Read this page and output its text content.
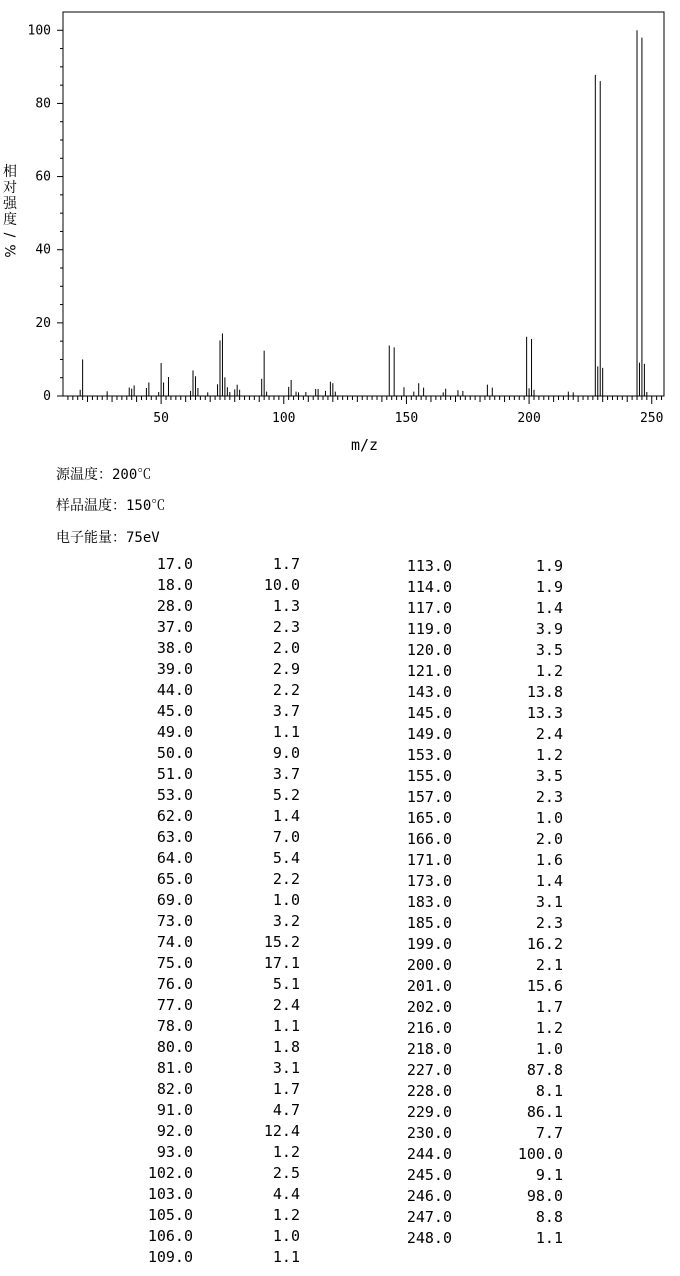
0
20
40
60
80
100
50	100	150	200	250
m/z
相
对
强
度
/
%
源温度：200℃
样品温度：150℃
电子能量：75eV
17.0	1.7
18.0	10.0
28.0	1.3
37.0	2.3
38.0	2.0
39.0	2.9
44.0	2.2
45.0	3.7
49.0	1.1
50.0	9.0
51.0	3.7
53.0	5.2
62.0	1.4
63.0	7.0
64.0	5.4
65.0	2.2
69.0	1.0
73.0	3.2
74.0	15.2
75.0	17.1
76.0	5.1
77.0	2.4
78.0	1.1
80.0	1.8
81.0	3.1
82.0	1.7
91.0	4.7
92.0	12.4
93.0	1.2
102.0	2.5
103.0	4.4
105.0	1.2
106.0	1.0
109.0	1.1
113.0	1.9
114.0	1.9
117.0	1.4
119.0	3.9
120.0	3.5
121.0	1.2
143.0	13.8
145.0	13.3
149.0	2.4
153.0	1.2
155.0	3.5
157.0	2.3
165.0	1.0
166.0	2.0
171.0	1.6
173.0	1.4
183.0	3.1
185.0	2.3
199.0	16.2
200.0	2.1
201.0	15.6
202.0	1.7
216.0	1.2
218.0	1.0
227.0	87.8
228.0	8.1
229.0	86.1
230.0	7.7
244.0	100.0
245.0	9.1
246.0	98.0
247.0	8.8
248.0	1.1
